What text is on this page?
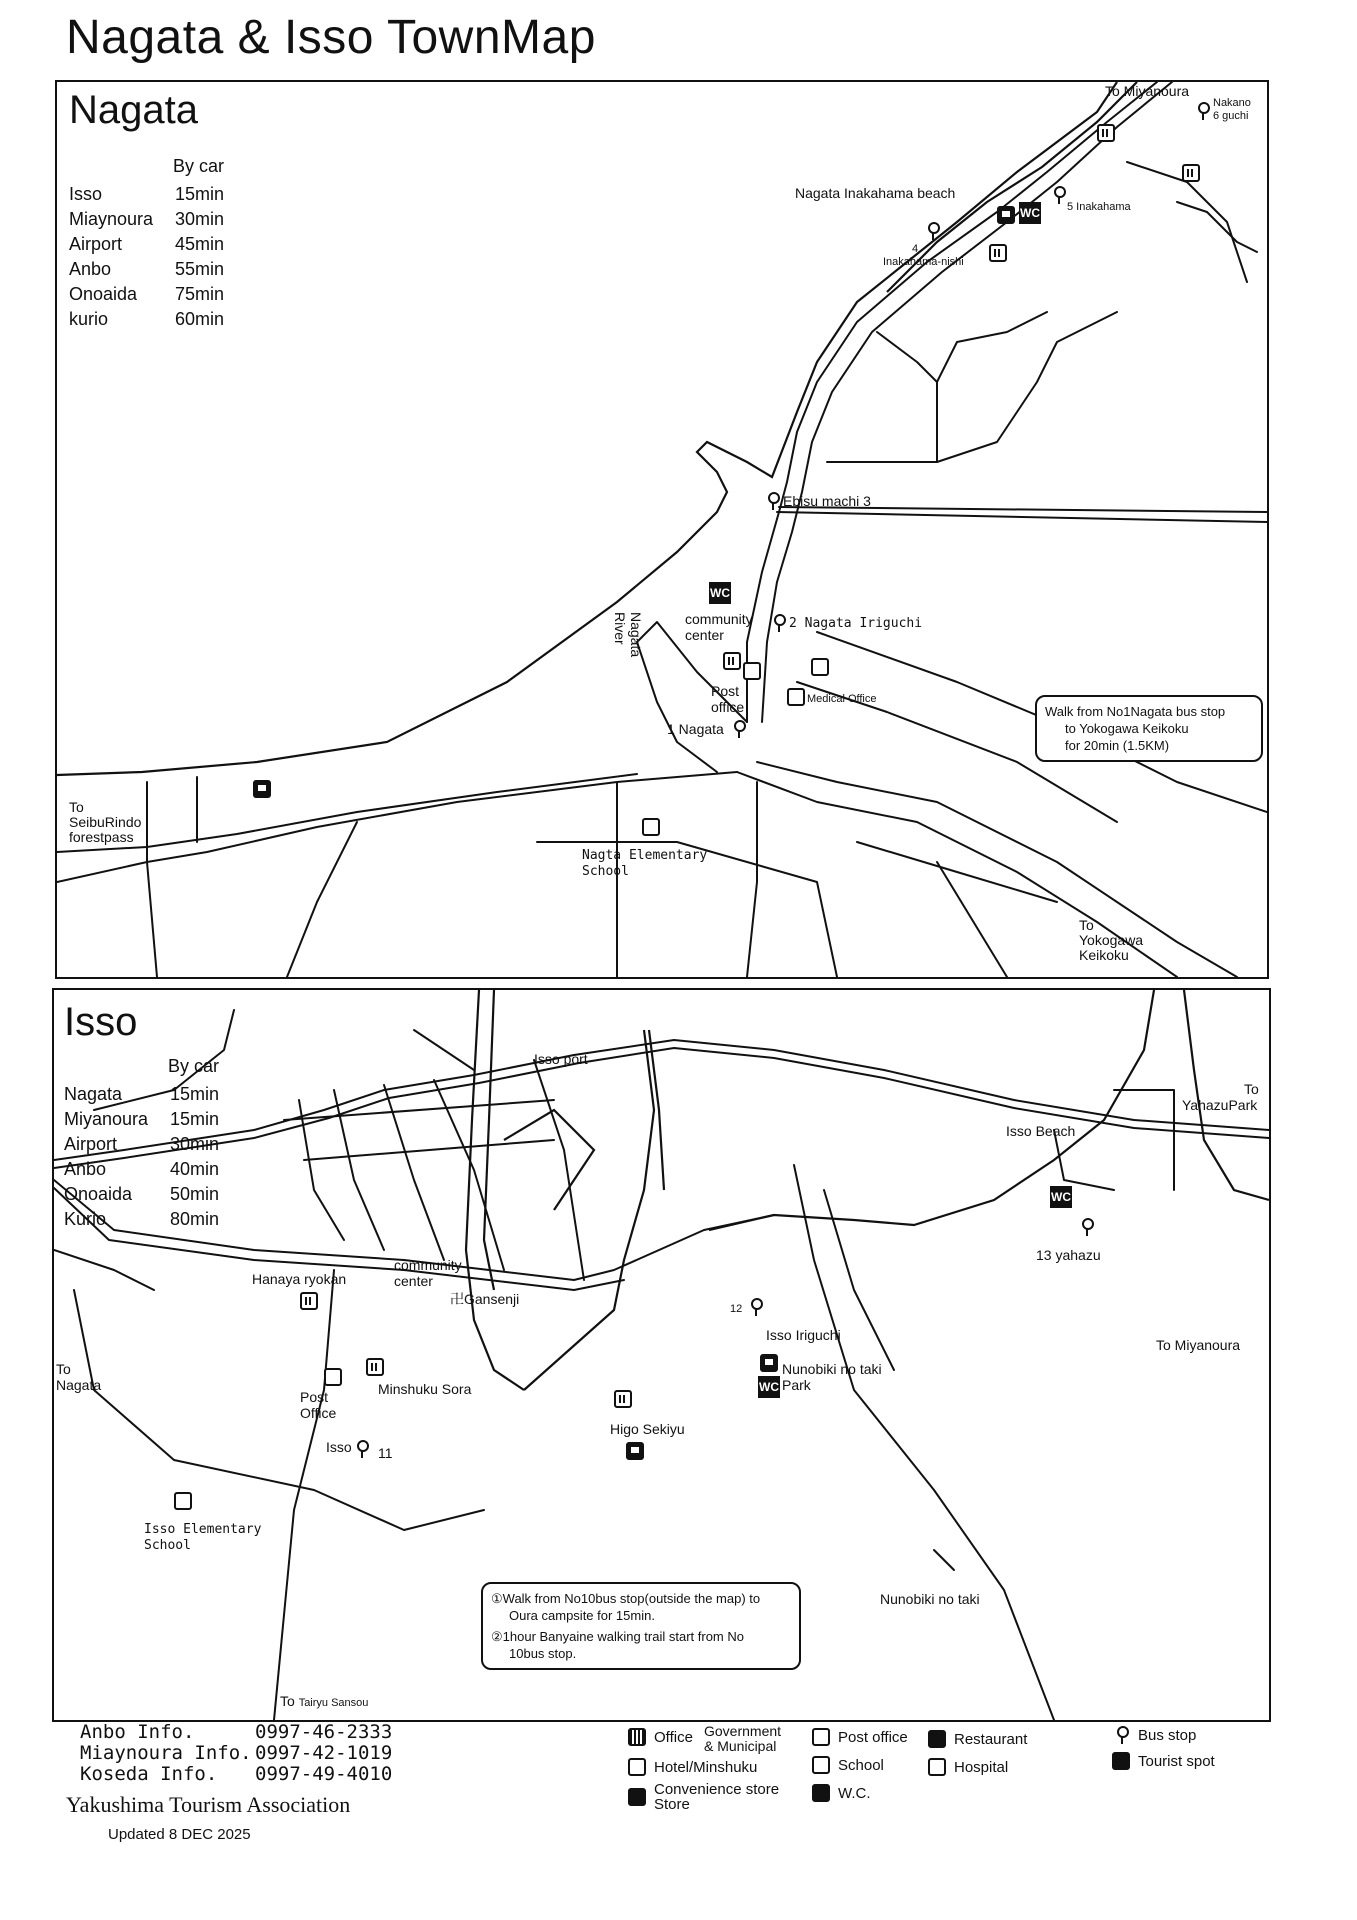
Nagata & Isso TownMap
Nagata
By car
Isso	15min
Miaynoura	30min
Airport	45min
Anbo	55min
Onoaida	75min
kurio	60min
To Miyanoura
Nakano
6 guchi
Nagata Inakahama beach
WC 5 Inakahama
4
Inakahama-nishi
Ebisu machi 3
WC
community
center
2 Nagata Iriguchi
Nagata
River
Post
office	Medical Office
1 Nagata
To
SeibuRindo
forestpass
Nagta Elementary
School
To
Yokogawa
Keikoku
Walk from No1Nagata bus stop
to Yokogawa Keikoku
for 20min (1.5KM)
Isso
By car
Nagata	15min
Miyanoura	15min
Airport	30min
Anbo	40min
Onoaida	50min
Kurio	80min
Isso port
To
YahazuPark
Isso Beach
WC
13 yahazu
To Miyanoura
Hanaya ryokan
community
center
卍Gansenji
12
Isso Iriguchi
WC
Nunobiki no taki
Park
To
Nagata
Post
Office
Minshuku Sora
Higo Sekiyu
Isso 11
Isso Elementary
School
Nunobiki no taki
To Tairyu Sansou
①Walk from No10bus stop(outside the map) to
Oura campsite for 15min.
②1hour Banyaine walking trail start from No
10bus stop.
Anbo Info.	0997-46-2333
Miaynoura Info. 0997-42-1019
Koseda Info.	0997-49-4010
Yakushima Tourism Association
Updated 8 DEC 2025
Office Government
& Municipal
Hotel/Minshuku
Convenience store
Store
Post office
School
W.C.
Restaurant
Hospital
Bus stop
Tourist spot
